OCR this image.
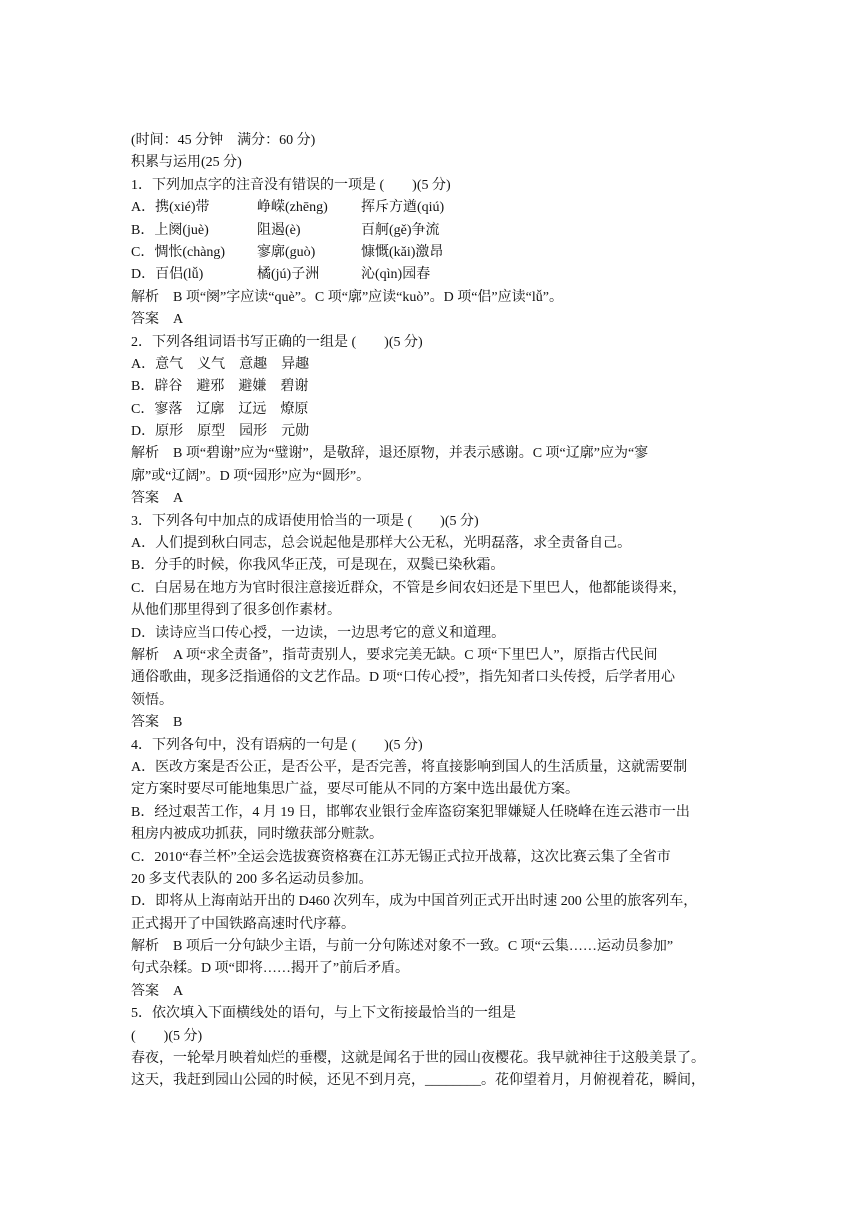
(时间：45 分钟　满分：60 分)
积累与运用(25 分)
1．下列加点字的注音没有错误的一项是 (　　)(5 分)
A．携(xié)带	峥嵘(zhēng)	挥斥方遒(qiú)
B．上阕(juè)	阻遏(è)	百舸(gě)争流
C．惆怅(chàng)	寥廓(guò)	慷慨(kǎi)激昂
D．百侣(lǚ)	橘(jú)子洲	沁(qìn)园春
解析　B 项“阕”字应读“què”。C 项“廓”应读“kuò”。D 项“侣”应读“lǚ”。
答案　A
2．下列各组词语书写正确的一组是 (　　)(5 分)
A．意气　义气　意趣　异趣
B．辟谷　避邪　避嫌　碧谢
C．寥落　辽廓　辽远　燎原
D．原形　原型　园形　元勋
解析　B 项“碧谢”应为“璧谢”，是敬辞，退还原物，并表示感谢。C 项“辽廓”应为“寥
廓”或“辽阔”。D 项“园形”应为“圆形”。
答案　A
3．下列各句中加点的成语使用恰当的一项是 (　　)(5 分)
A．人们提到秋白同志，总会说起他是那样大公无私，光明磊落，求全责备自己。
B．分手的时候，你我风华正茂，可是现在，双鬓已染秋霜。
C．白居易在地方为官时很注意接近群众，不管是乡间农妇还是下里巴人，他都能谈得来，
从他们那里得到了很多创作素材。
D．读诗应当口传心授，一边读，一边思考它的意义和道理。
解析　A 项“求全责备”，指苛责别人，要求完美无缺。C 项“下里巴人”，原指古代民间
通俗歌曲，现多泛指通俗的文艺作品。D 项“口传心授”，指先知者口头传授，后学者用心
领悟。
答案　B
4．下列各句中，没有语病的一句是 (　　)(5 分)
A．医改方案是否公正，是否公平，是否完善，将直接影响到国人的生活质量，这就需要制
定方案时要尽可能地集思广益，要尽可能从不同的方案中选出最优方案。
B．经过艰苦工作，4 月 19 日，邯郸农业银行金库盗窃案犯罪嫌疑人任晓峰在连云港市一出
租房内被成功抓获，同时缴获部分赃款。
C．2010“春兰杯”全运会选拔赛资格赛在江苏无锡正式拉开战幕，这次比赛云集了全省市
20 多支代表队的 200 多名运动员参加。
D．即将从上海南站开出的 D460 次列车，成为中国首列正式开出时速 200 公里的旅客列车，
正式揭开了中国铁路高速时代序幕。
解析　B 项后一分句缺少主语，与前一分句陈述对象不一致。C 项“云集……运动员参加”
句式杂糅。D 项“即将……揭开了”前后矛盾。
答案　A
5．依次填入下面横线处的语句，与上下文衔接最恰当的一组是
(　　)(5 分)
春夜，一轮晕月映着灿烂的垂樱，这就是闻名于世的园山夜樱花。我早就神往于这般美景了。
这天，我赶到园山公园的时候，还见不到月亮，________。花仰望着月，月俯视着花，瞬间，
